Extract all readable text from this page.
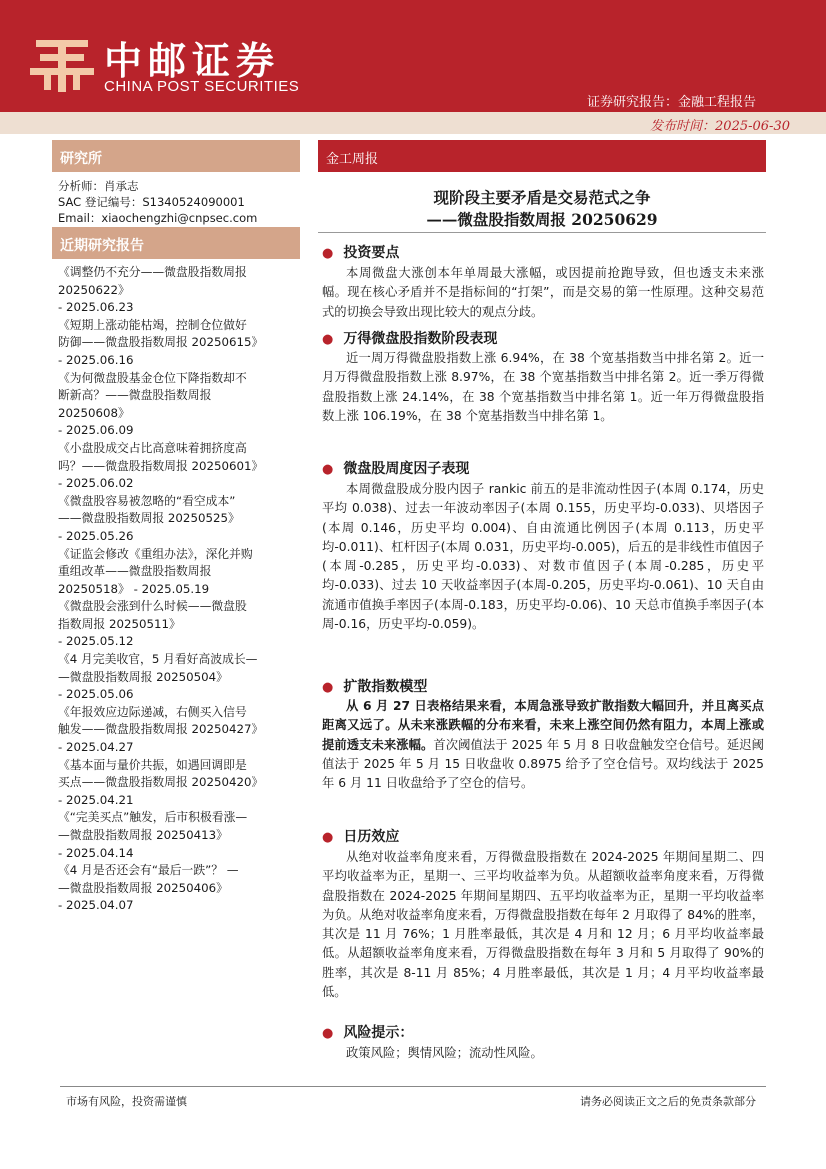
中邮证券
CHINA POST SECURITIES
证券研究报告：金融工程报告
发布时间：2025-06-30
研究所
分析师：肖承志
SAC 登记编号：S1340524090001
Email：xiaochengzhi@cnpsec.com
近期研究报告
《调整仍不充分——微盘股指数周报
20250622》
- 2025.06.23
《短期上涨动能枯竭，控制仓位做好
防御——微盘股指数周报 20250615》
- 2025.06.16
《为何微盘股基金仓位下降指数却不
断新高？——微盘股指数周报
20250608》
- 2025.06.09
《小盘股成交占比高意味着拥挤度高
吗？——微盘股指数周报 20250601》
- 2025.06.02
《微盘股容易被忽略的“看空成本”
——微盘股指数周报 20250525》
- 2025.05.26
《证监会修改《重组办法》，深化并购
重组改革——微盘股指数周报
20250518》 - 2025.05.19
《微盘股会涨到什么时候——微盘股
指数周报 20250511》
- 2025.05.12
《4 月完美收官，5 月看好高波成长—
—微盘股指数周报 20250504》
- 2025.05.06
《年报效应边际递减，右侧买入信号
触发——微盘股指数周报 20250427》
- 2025.04.27
《基本面与量价共振，如遇回调即是
买点——微盘股指数周报 20250420》
- 2025.04.21
《“完美买点”触发，后市积极看涨—
—微盘股指数周报 20250413》
- 2025.04.14
《4 月是否还会有“最后一跌”？ —
—微盘股指数周报 20250406》
- 2025.04.07
金工周报
现阶段主要矛盾是交易范式之争
——微盘股指数周报 20250629
● 投资要点
本周微盘大涨创本年单周最大涨幅，或因提前抢跑导致，但也透支未来涨幅。现在核心矛盾并不是指标间的“打架”，而是交易的第一性原理。这种交易范式的切换会导致出现比较大的观点分歧。
● 万得微盘股指数阶段表现
近一周万得微盘股指数上涨 6.94%，在 38 个宽基指数当中排名第 2。近一月万得微盘股指数上涨 8.97%，在 38 个宽基指数当中排名第 2。近一季万得微盘股指数上涨 24.14%，在 38 个宽基指数当中排名第 1。近一年万得微盘股指数上涨 106.19%，在 38 个宽基指数当中排名第 1。
● 微盘股周度因子表现
本周微盘股成分股内因子 rankic 前五的是非流动性因子(本周 0.174，历史平均 0.038)、过去一年波动率因子(本周 0.155，历史平均-0.033)、贝塔因子(本周 0.146，历史平均 0.004)、自由流通比例因子(本周 0.113，历史平均-0.011)、杠杆因子(本周 0.031，历史平均-0.005)，后五的是非线性市值因子(本周-0.285，历史平均-0.033)、对数市值因子(本周-0.285，历史平均-0.033)、过去 10 天收益率因子(本周-0.205，历史平均-0.061)、10 天自由流通市值换手率因子(本周-0.183，历史平均-0.06)、10 天总市值换手率因子(本周-0.16，历史平均-0.059)。
● 扩散指数模型
从 6 月 27 日表格结果来看，本周急涨导致扩散指数大幅回升，并且离买点距离又远了。从未来涨跌幅的分布来看，未来上涨空间仍然有阻力，本周上涨或提前透支未来涨幅。首次阈值法于 2025 年 5 月 8 日收盘触发空仓信号。延迟阈值法于 2025 年 5 月 15 日收盘收 0.8975 给予了空仓信号。双均线法于 2025 年 6 月 11 日收盘给予了空仓的信号。
● 日历效应
从绝对收益率角度来看，万得微盘股指数在 2024-2025 年期间星期二、四平均收益率为正，星期一、三平均收益率为负。从超额收益率角度来看，万得微盘股指数在 2024-2025 年期间星期四、五平均收益率为正，星期一平均收益率为负。从绝对收益率角度来看，万得微盘股指数在每年 2 月取得了 84%的胜率，其次是 11 月 76%；1 月胜率最低，其次是 4 月和 12 月；6 月平均收益率最低。从超额收益率角度来看，万得微盘股指数在每年 3 月和 5 月取得了 90%的胜率，其次是 8-11 月 85%；4 月胜率最低，其次是 1 月；4 月平均收益率最低。
● 风险提示：
政策风险；舆情风险；流动性风险。
市场有风险，投资需谨慎	请务必阅读正文之后的免责条款部分
